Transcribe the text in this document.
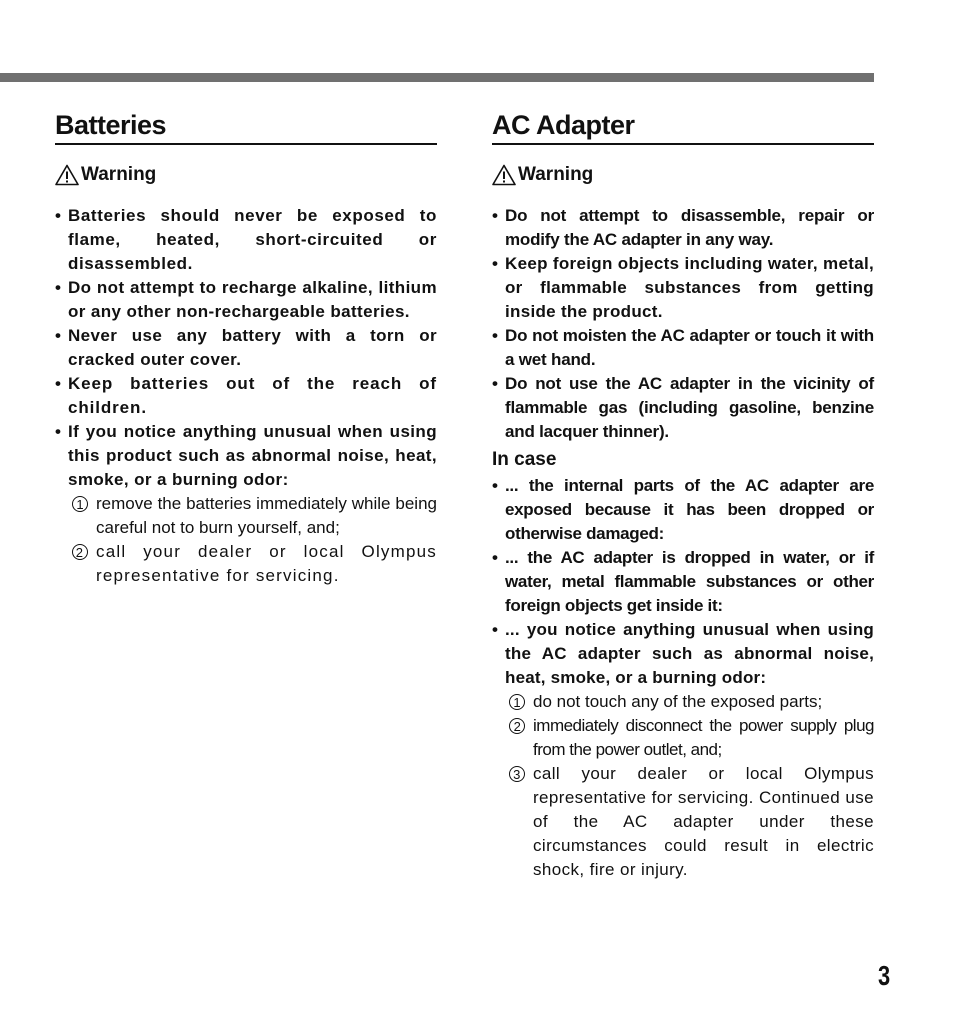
Batteries
Warning
• Batteries should never be exposed to flame, heated, short-circuited or disassembled.
• Do not attempt to recharge alkaline, lithium or any other non-rechargeable batteries.
• Never use any battery with a torn or cracked outer cover.
• Keep batteries out of the reach of children.
• If you notice anything unusual when using this product such as abnormal noise, heat, smoke, or a burning odor:
1 remove the batteries immediately while being careful not to burn yourself, and;
2 call your dealer or local Olympus representative for servicing.
AC Adapter
Warning
• Do not attempt to disassemble, repair or modify the AC adapter in any way.
• Keep foreign objects including water, metal, or flammable substances from getting inside the product.
• Do not moisten the AC adapter or touch it with a wet hand.
• Do not use the AC adapter in the vicinity of flammable gas (including gasoline, benzine and lacquer thinner).
In case
• ... the internal parts of the AC adapter are exposed because it has been dropped or otherwise damaged:
• ... the AC adapter is dropped in water, or if water, metal flammable substances or other foreign objects get inside it:
• ... you notice anything unusual when using the AC adapter such as abnormal noise, heat, smoke, or a burning odor:
1 do not touch any of the exposed parts;
2 immediately disconnect the power supply plug from the power outlet, and;
3 call your dealer or local Olympus representative for servicing. Continued use of the AC adapter under these circumstances could result in electric shock, fire or injury.
3
